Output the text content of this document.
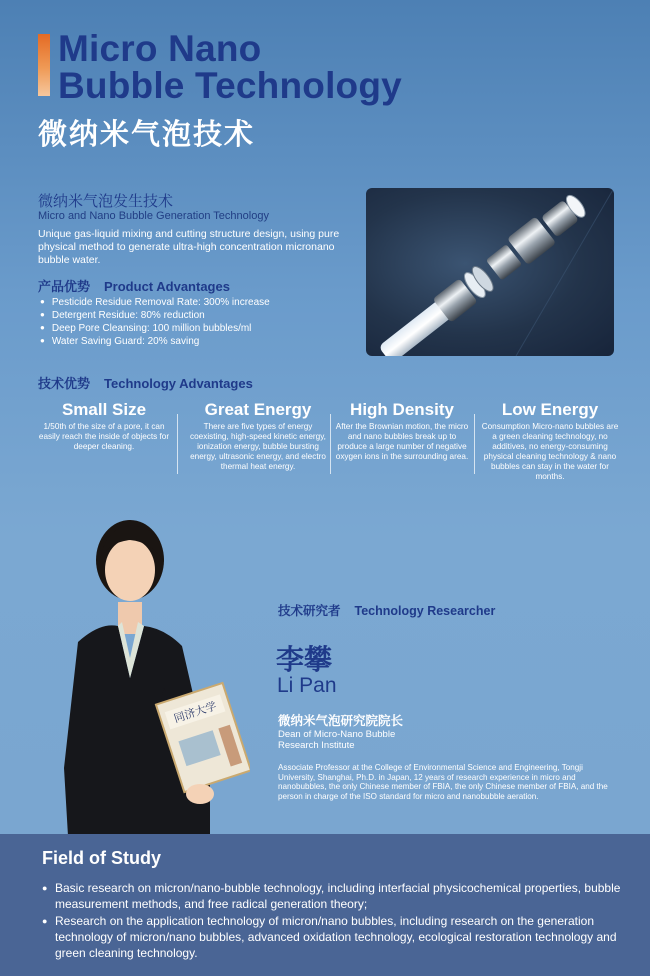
Micro Nano
Bubble Technology
微纳米气泡技术
微纳米气泡发生技术
Micro and Nano Bubble Generation Technology
Unique gas-liquid mixing and cutting structure design, using pure physical method to generate ultra-high concentration micronano bubble water.
产品优势 Product Advantages
● Pesticide Residue Removal Rate: 300% increase
● Detergent Residue: 80% reduction
● Deep Pore Cleansing: 100 million bubbles/ml
● Water Saving Guard: 20% saving
技术优势 Technology Advantages
Small Size
1/50th of the size of a pore, it can easily reach the inside of objects for deeper cleaning.
Great Energy
There are five types of energy coexisting, high-speed kinetic energy, ionization energy, bubble bursting energy, ultrasonic energy, and electro thermal heat energy.
High Density
After the Brownian motion, the micro and nano bubbles break up to produce a large number of negative oxygen ions in the surrounding area.
Low Energy
Consumption Micro-nano bubbles are a green cleaning technology, no additives, no energy-consuming physical cleaning technology & nano bubbles can stay in the water for months.
同济大学
技术研究者 Technology Researcher
李攀
Li Pan
微纳米气泡研究院院长
Dean of Micro-Nano Bubble Research Institute
Associate Professor at the College of Environmental Science and Engineering, Tongji University, Shanghai, Ph.D. in Japan, 12 years of research experience in micro and nanobubbles, the only Chinese member of FBIA, the only Chinese member of FBIA, and the person in charge of the ISO standard for micro and nanobubble aeration.
Field of Study
● Basic research on micron/nano-bubble technology, including interfacial physicochemical properties, bubble measurement methods, and free radical generation theory;
● Research on the application technology of micron/nano bubbles, including research on the generation technology of micron/nano bubbles, advanced oxidation technology, ecological restoration technology and green cleaning technology.
